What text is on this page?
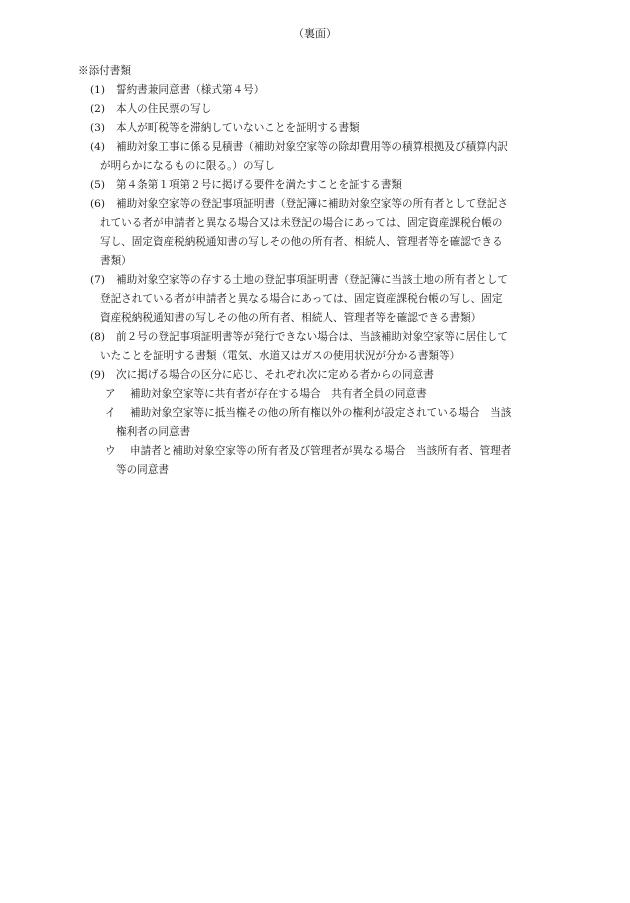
（裏面）
※添付書類
(1) 誓約書兼同意書（様式第４号）
(2) 本人の住民票の写し
(3) 本人が町税等を滞納していないことを証明する書類
(4) 補助対象工事に係る見積書（補助対象空家等の除却費用等の積算根拠及び積算内訳
が明らかになるものに限る。）の写し
(5) 第４条第１項第２号に掲げる要件を満たすことを証する書類
(6) 補助対象空家等の登記事項証明書（登記簿に補助対象空家等の所有者として登記さ
れている者が申請者と異なる場合又は未登記の場合にあっては、固定資産課税台帳の
写し、固定資産税納税通知書の写しその他の所有者、相続人、管理者等を確認できる
書類）
(7) 補助対象空家等の存する土地の登記事項証明書（登記簿に当該土地の所有者として
登記されている者が申請者と異なる場合にあっては、固定資産課税台帳の写し、固定
資産税納税通知書の写しその他の所有者、相続人、管理者等を確認できる書類）
(8) 前２号の登記事項証明書等が発行できない場合は、当該補助対象空家等に居住して
いたことを証明する書類（電気、水道又はガスの使用状況が分かる書類等）
(9) 次に掲げる場合の区分に応じ、それぞれ次に定める者からの同意書
ア 補助対象空家等に共有者が存在する場合　共有者全員の同意書
イ 補助対象空家等に抵当権その他の所有権以外の権利が設定されている場合　当該
権利者の同意書
ウ 申請者と補助対象空家等の所有者及び管理者が異なる場合　当該所有者、管理者
等の同意書
